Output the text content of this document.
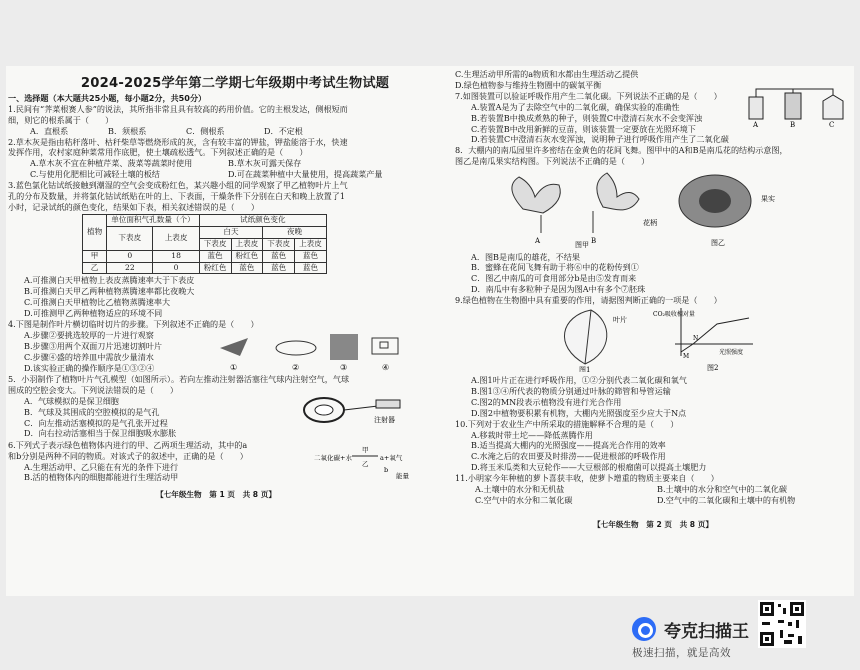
2024-2025学年第二学期七年级期中考试生物试题
一、选择题（本大题共25小题，每小题2分，共50分）
1.民间有“荠菜根赛人参”的说法，其所指非常且具有较高的药用价值。它的主根发达，侧根短而
细，则它的根系属于（　　）
A．直根系	B．须根系	C．侧根系	D．不定根
2.草木灰是指由秸秆落叶、枯秆柴草等燃烧形成的灰，含有较丰富的钾盐，钾盐能溶于水，快速
发挥作用，农村家庭种菜常用作底肥，使土壤疏松透气。下列叙述正确的是（　　）
A.草木灰不宜在种植芹菜、菠菜等蔬菜时使用	B.草木灰可露天保存
C.与使用化肥相比可减轻土壤的板结	D.可在蔬菜种植中大量使用，提高蔬菜产量
3.蓝色氯化钴试纸接触到潮湿的空气会变成粉红色，某兴趣小组的同学观察了甲乙植物叶片上气
孔的分布及数量，并将氯化钴试纸贴在叶的上、下表面，干燥条件下分别在白天和晚上放置了1
小时，记录试纸的颜色变化，结果如下表，相关叙述错误的是（　　）
植物	单位面积气孔数量（个）		试纸颜色变化			
	下表皮	上表皮	白天		夜晚	
			下表皮	上表皮	下表皮	上表皮
甲	0	18	蓝色	粉红色	蓝色	蓝色
乙	22	0	粉红色	蓝色	蓝色	蓝色
A.可推测白天甲植物上表皮蒸腾速率大于下表皮
B.可推测白天甲乙两种植物蒸腾速率都比夜晚大
C.可推测白天甲植物比乙植物蒸腾速率大
D.可推测甲乙两种植物适应的环境不同
4.下图是制作叶片横切临时切片的步骤。下列叙述不正确的是（　　）
A.步骤②要挑选较厚的一片进行观察
B.步骤③用两个双面刀片迅速切割叶片
C.步骤④盛的培养皿中需放少量清水
D.该实验正确的操作顺序是①③②④	①	②	③	④
5．小羽制作了植物叶片气孔模型（如图所示）。若向左推动注射器活塞往气球内注射空气，气球
围成的空腔会变大。下列说法错误的是（　　）
A．气球模拟的是保卫细胞
B．气球及其围成的空腔模拟的是气孔
C．向左推动活塞模拟的是气孔张开过程
D．向右拉动活塞相当于保卫细胞吸水膨胀
注射器
6.下列式子表示绿色植物体内进行的甲、乙两项生理活动，其中的a
和b分别是两种不同的物质。对该式子的叙述中，正确的是（　　）
A.生理活动甲、乙只能在有光的条件下进行
B.活的植物体内的细胞都能进行生理活动甲
二氧化碳+水
甲
乙
a+氧气
b
能量
【七年级生物　第 1 页　共 8 页】
C.生理活动甲所需的a物质和水都由生理活动乙提供
D.绿色植物参与维持生物圈中的碳氧平衡
7.如图装置可以验证呼吸作用产生二氧化碳。下列说法不正确的是（　　）
A.装置A是为了去除空气中的二氧化碳，确保实验的准确性
B.若装置B中换成煮熟的种子，则装置C中澄清石灰水不会变浑浊
C.若装置B中改用新鲜的豆苗，则该装置一定要放在光照环境下
D.若装置C中澄清石灰水变浑浊，说明种子进行呼吸作用产生了二氧化碳
A	B	C
8．大棚内的南瓜园里许多密结在金黄色的花间飞舞。图甲中的A和B是南瓜花的结构示意图，
图乙是南瓜果实结构图。下列说法不正确的是（　　）
A	B
花柄
图甲
果实
图乙
A．图B是南瓜的雄花，不结果
B．蜜蜂在花间飞舞有助于将⑥中的花粉传到①
C．图乙中南瓜的可食用部分b是由⑤发育而来
D．南瓜中有多粒种子是因为图A中有多个⑦胚珠
9.绿色植物在生物圈中具有重要的作用，请据图判断正确的一项是（　　）
叶片
图1
CO₂吸收相对量
光照强度
M
N
图2
A.图1叶片正在进行呼吸作用，①②分别代表二氧化碳和氧气
B.图1③④所代表的物质分别通过叶脉的筛管和导管运输
C.图2的MN段表示植物没有进行光合作用
D.图2中植物要积累有机物，大棚内光照强度至少应大于N点
10.下列对于农业生产中所采取的措施解释不合理的是（　　）
A.移栽时带土坨——降低蒸腾作用
B.适当提高大棚内的光照强度——提高光合作用的效率
C.水淹之后的农田要及时排涝——促进根部的呼吸作用
D.将玉米瓜类和大豆轮作——大豆根部的根瘤菌可以提高土壤肥力
11.小明家今年种植的萝卜喜获丰收，使萝卜增重的物质主要来自（　　）
A.土壤中的水分和无机盐	B.土壤中的水分和空气中的二氧化碳
C.空气中的水分和二氧化碳	D.空气中的二氧化碳和土壤中的有机物
【七年级生物　第 2 页　共 8 页】
夸克扫描王
极速扫描，就是高效
